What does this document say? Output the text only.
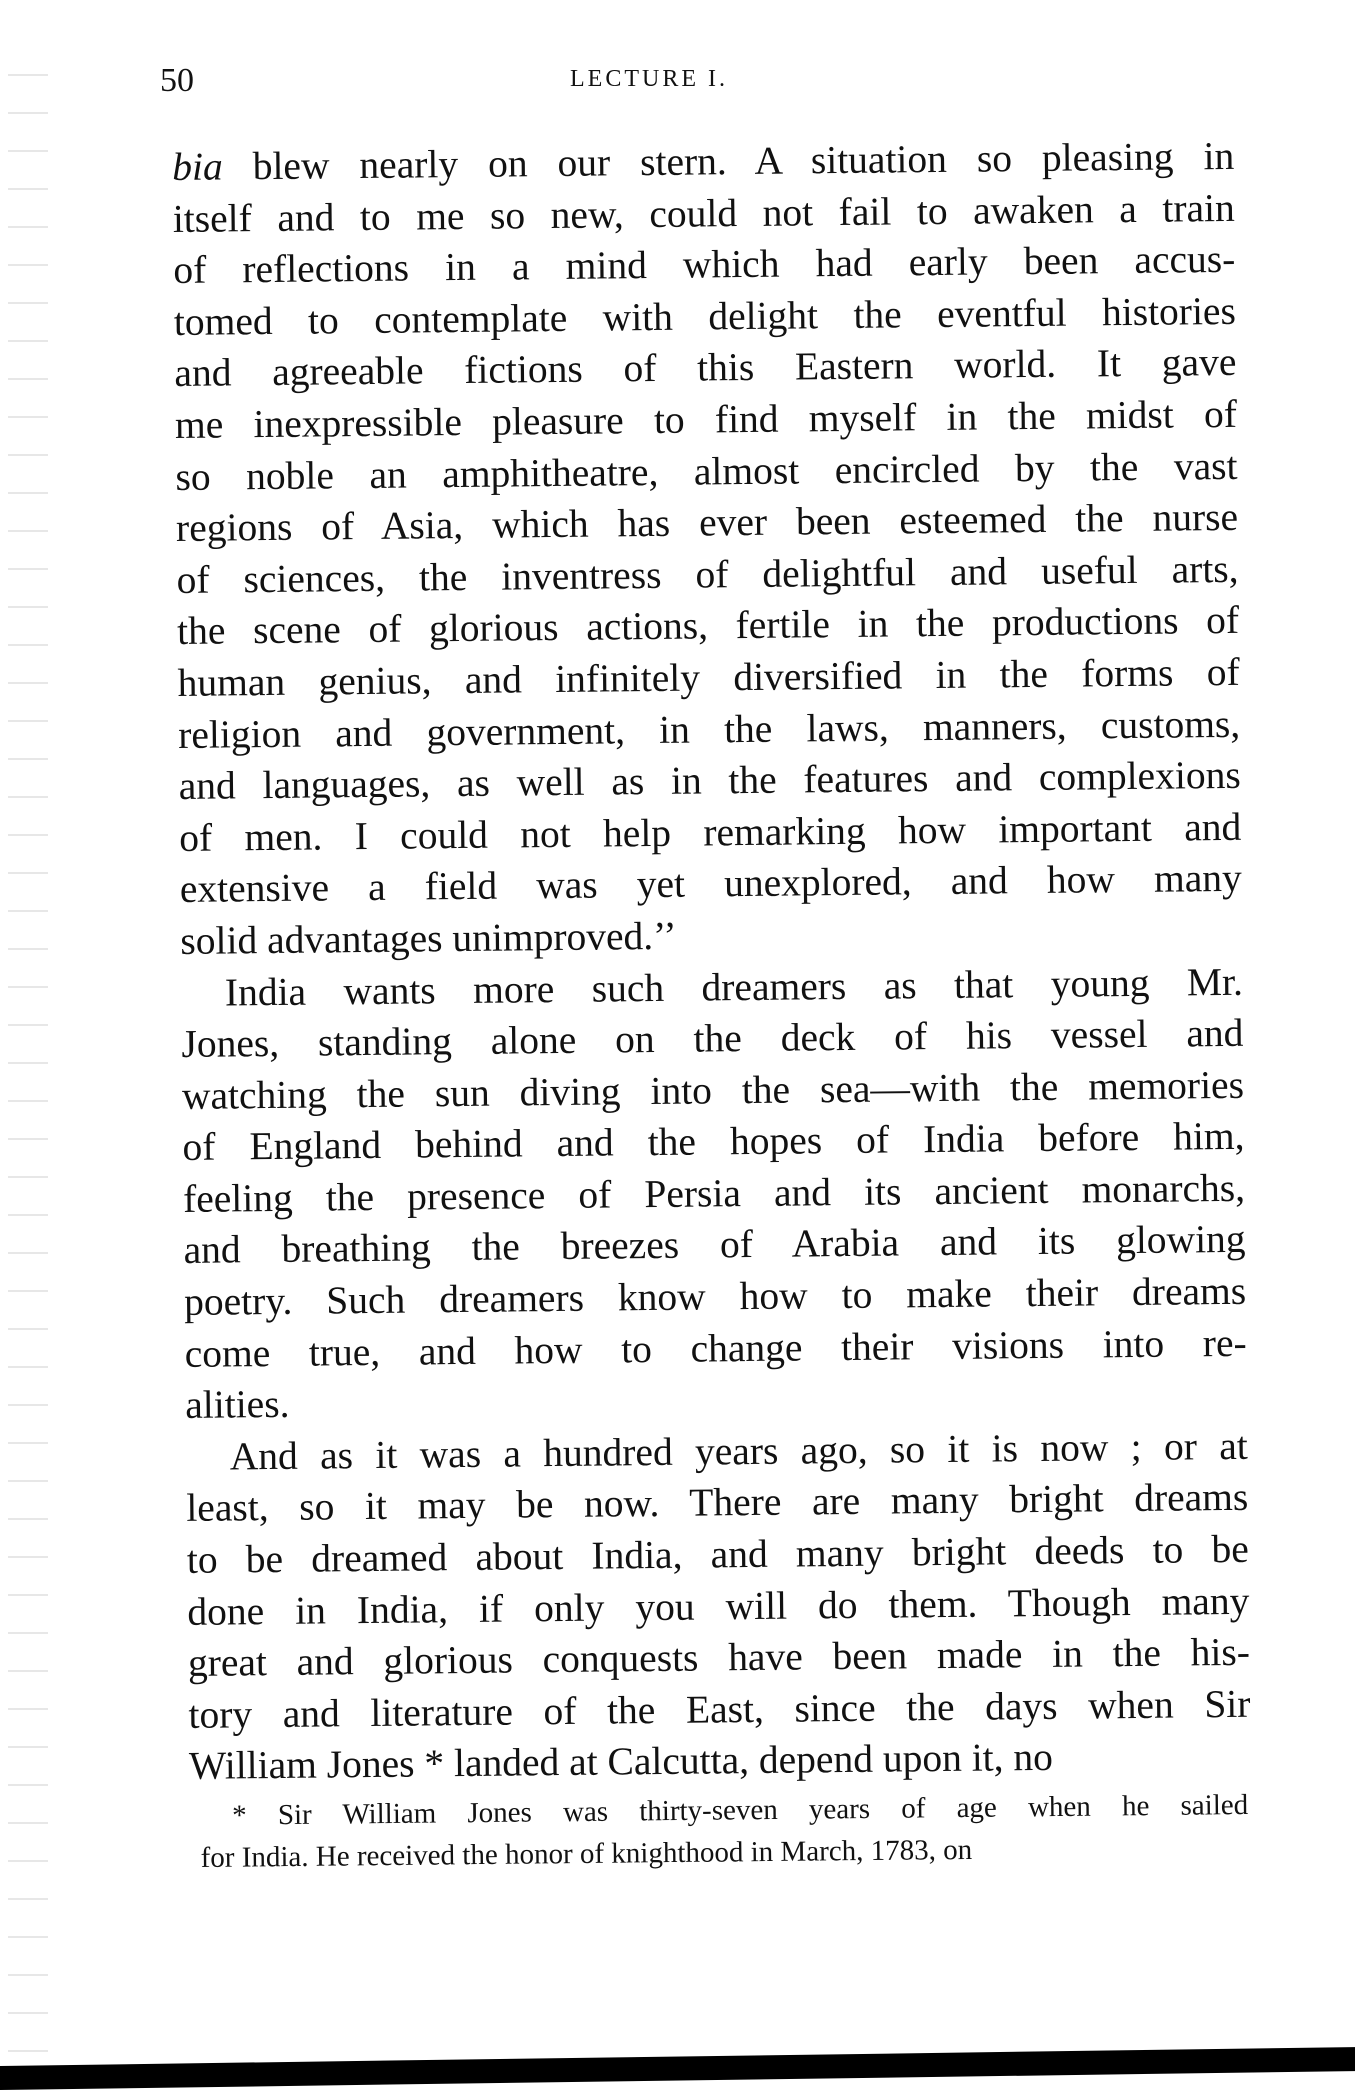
50	LECTURE I.
bia blew nearly on our stern. A situation so pleasing in
itself and to me so new, could not fail to awaken a train
of reflections in a mind which had early been accus-
tomed to contemplate with delight the eventful histories
and agreeable fictions of this Eastern world. It gave
me inexpressible pleasure to find myself in the midst of
so noble an amphitheatre, almost encircled by the vast
regions of Asia, which has ever been esteemed the nurse
of sciences, the inventress of delightful and useful arts,
the scene of glorious actions, fertile in the productions of
human genius, and infinitely diversified in the forms of
religion and government, in the laws, manners, customs,
and languages, as well as in the features and complexions
of men. I could not help remarking how important and
extensive a field was yet unexplored, and how many
solid advantages unimproved.’’
India wants more such dreamers as that young Mr.
Jones, standing alone on the deck of his vessel and
watching the sun diving into the sea—with the memories
of England behind and the hopes of India before him,
feeling the presence of Persia and its ancient monarchs,
and breathing the breezes of Arabia and its glowing
poetry. Such dreamers know how to make their dreams
come true, and how to change their visions into re-
alities.
And as it was a hundred years ago, so it is now ; or at
least, so it may be now. There are many bright dreams
to be dreamed about India, and many bright deeds to be
done in India, if only you will do them. Though many
great and glorious conquests have been made in the his-
tory and literature of the East, since the days when Sir
William Jones * landed at Calcutta, depend upon it, no
* Sir William Jones was thirty-seven years of age when he sailed
for India. He received the honor of knighthood in March, 1783, on
